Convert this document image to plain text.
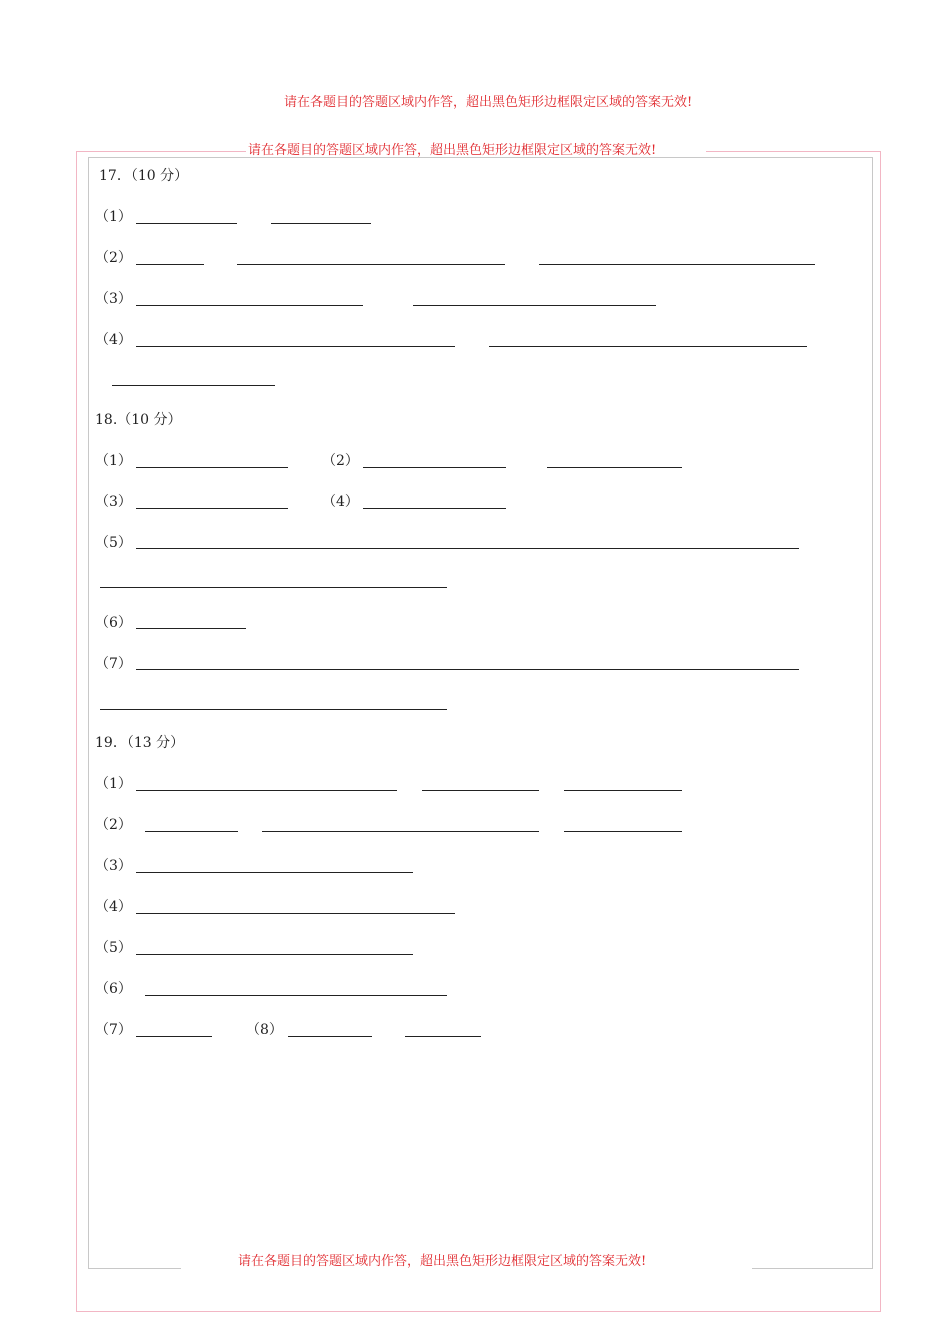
请在各题目的答题区域内作答，超出黑色矩形边框限定区域的答案无效!
请在各题目的答题区域内作答，超出黑色矩形边框限定区域的答案无效!
17．（10 分）
（1）
（2）
（3）
（4）
18.（10 分）
（1）	（2）
（3）	（4）
（5）
（6）
（7）
19．（13 分）
（1）
（2）
（3）
（4）
（5）
（6）
（7）	（8）
请在各题目的答题区域内作答，超出黑色矩形边框限定区域的答案无效!
